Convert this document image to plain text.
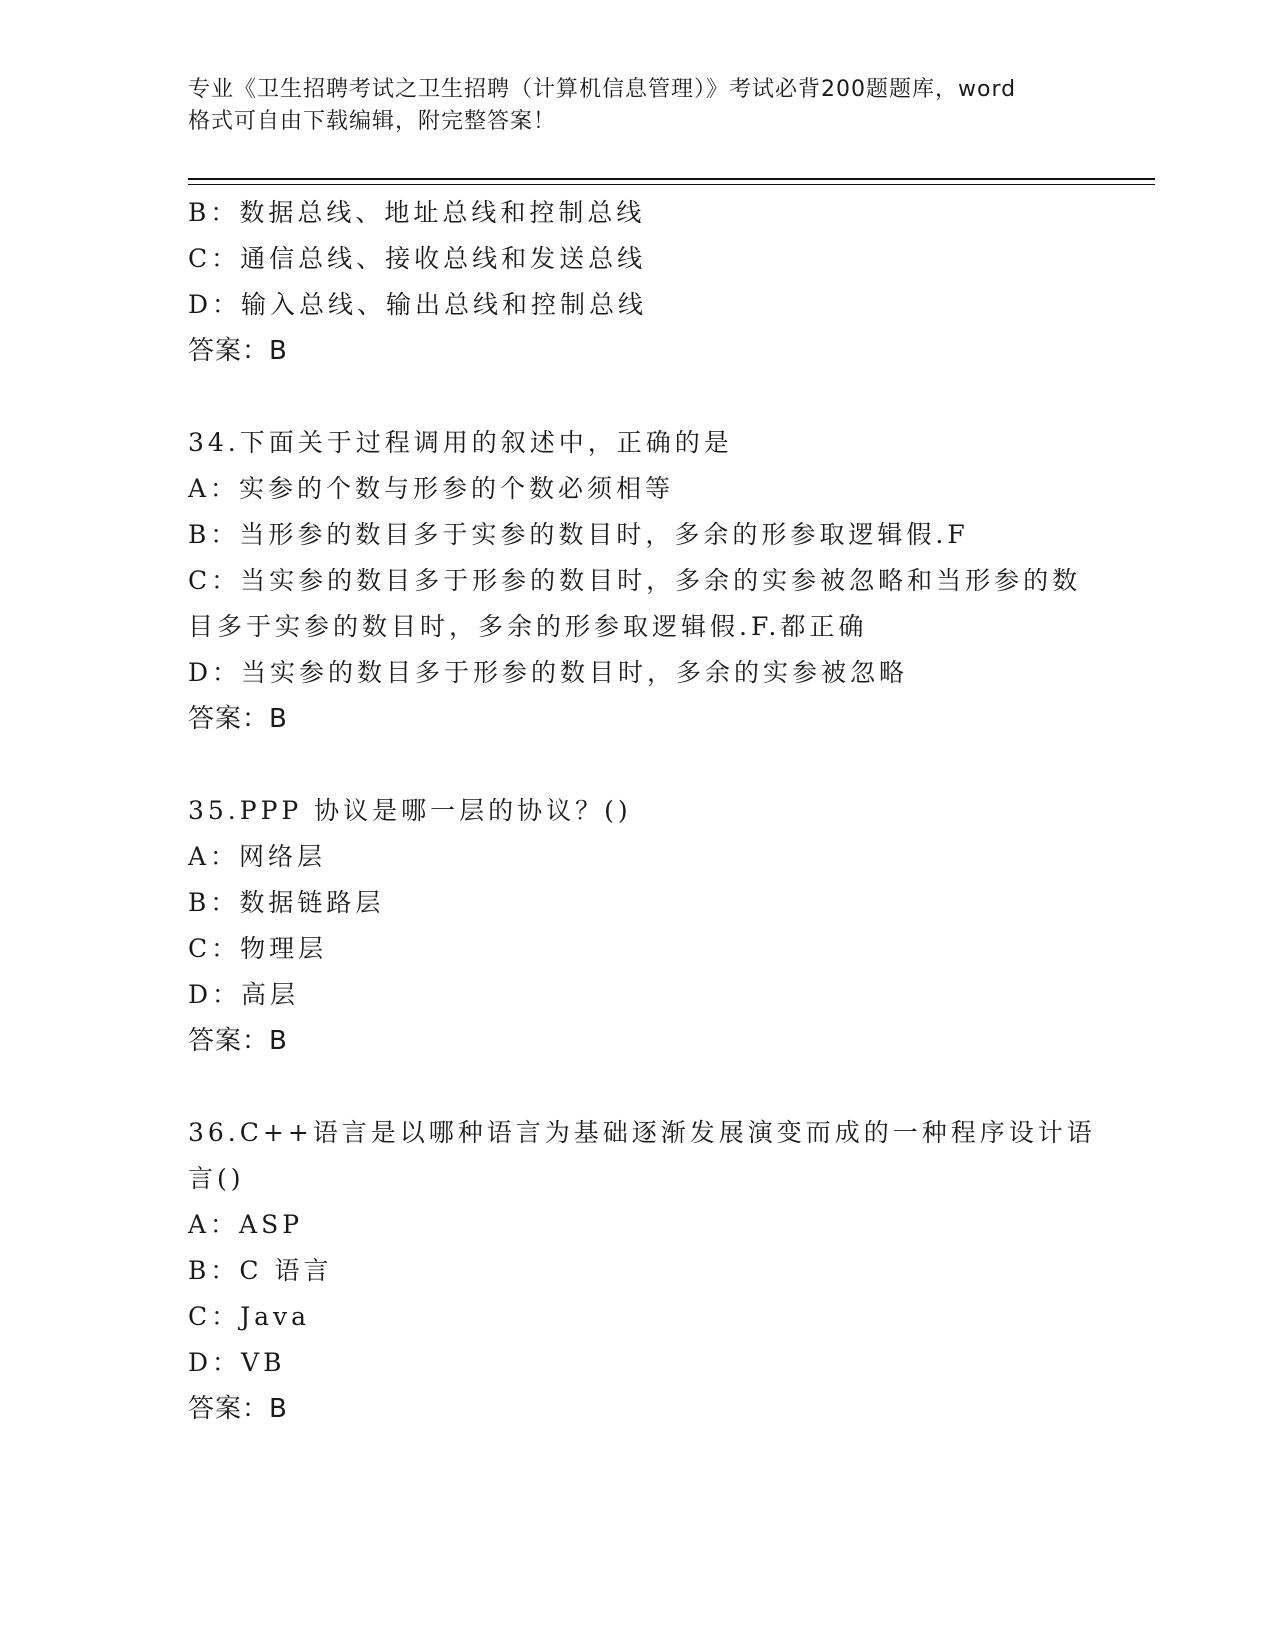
专业《卫生招聘考试之卫生招聘（计算机信息管理）》考试必背200题题库，word
格式可自由下载编辑，附完整答案！
B：数据总线、地址总线和控制总线
C：通信总线、接收总线和发送总线
D：输入总线、输出总线和控制总线
答案：B
34.下面关于过程调用的叙述中，正确的是
A：实参的个数与形参的个数必须相等
B：当形参的数目多于实参的数目时，多余的形参取逻辑假.F
C：当实参的数目多于形参的数目时，多余的实参被忽略和当形参的数
目多于实参的数目时，多余的形参取逻辑假.F.都正确
D：当实参的数目多于形参的数目时，多余的实参被忽略
答案：B
35.PPP 协议是哪一层的协议？()
A：网络层
B：数据链路层
C：物理层
D：高层
答案：B
36.C++语言是以哪种语言为基础逐渐发展演变而成的一种程序设计语
言()
A：ASP
B：C 语言
C：Java
D：VB
答案：B
